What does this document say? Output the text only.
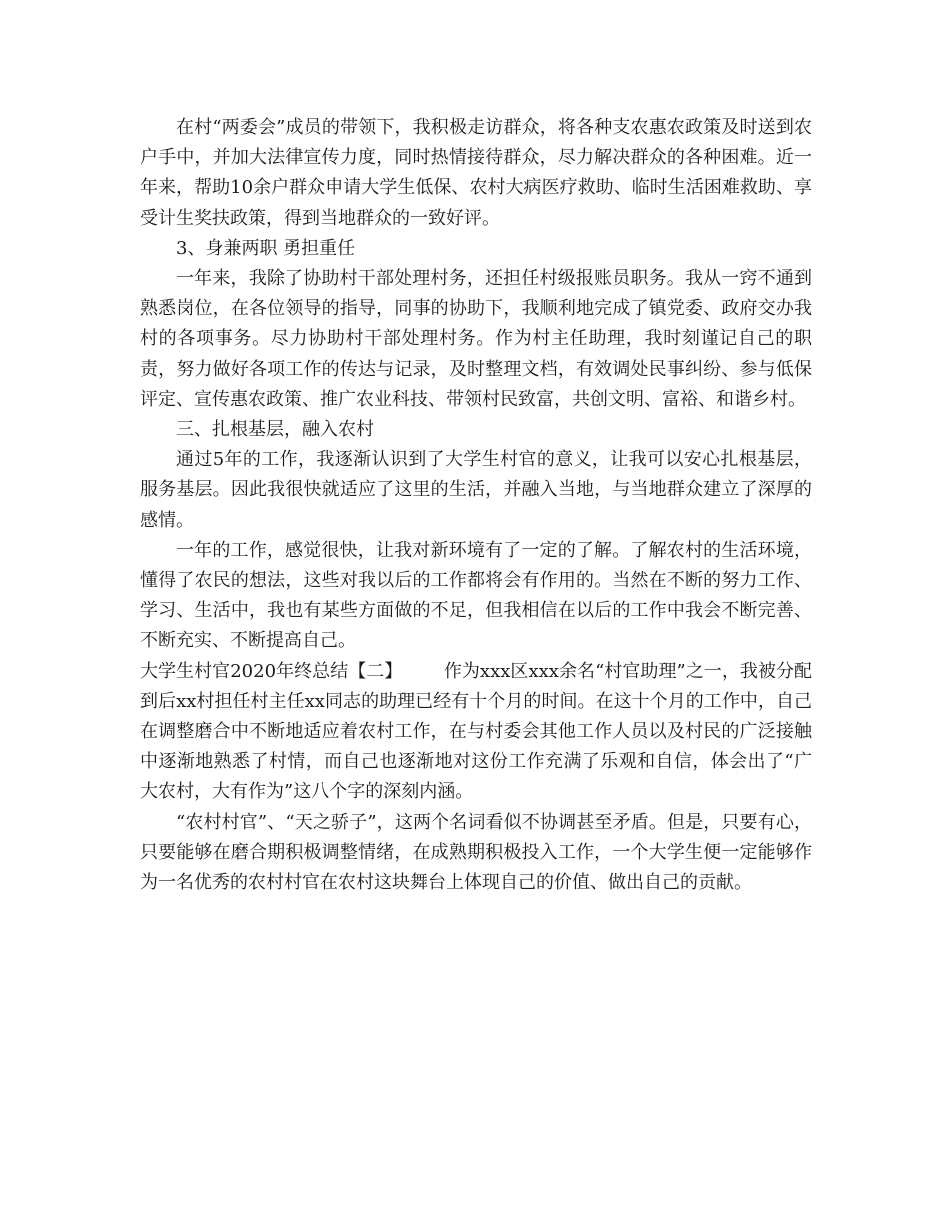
在村“两委会”成员的带领下，我积极走访群众，将各种支农惠农政策及时送到农户手中，并加大法律宣传力度，同时热情接待群众，尽力解决群众的各种困难。近一年来，帮助10余户群众申请大学生低保、农村大病医疗救助、临时生活困难救助、享受计生奖扶政策，得到当地群众的一致好评。

3、身兼两职 勇担重任

一年来，我除了协助村干部处理村务，还担任村级报账员职务。我从一窍不通到熟悉岗位，在各位领导的指导，同事的协助下，我顺利地完成了镇党委、政府交办我村的各项事务。尽力协助村干部处理村务。作为村主任助理，我时刻谨记自己的职责，努力做好各项工作的传达与记录，及时整理文档，有效调处民事纠纷、参与低保评定、宣传惠农政策、推广农业科技、带领村民致富，共创文明、富裕、和谐乡村。

三、扎根基层，融入农村

通过5年的工作，我逐渐认识到了大学生村官的意义，让我可以安心扎根基层，服务基层。因此我很快就适应了这里的生活，并融入当地，与当地群众建立了深厚的感情。

一年的工作，感觉很快，让我对新环境有了一定的了解。了解农村的生活环境，懂得了农民的想法，这些对我以后的工作都将会有作用的。当然在不断的努力工作、学习、生活中，我也有某些方面做的不足，但我相信在以后的工作中我会不断完善、不断充实、不断提高自己。

大学生村官2020年终总结【二】 作为xxx区xxx余名“村官助理”之一，我被分配到后xx村担任村主任xx同志的助理已经有十个月的时间。在这十个月的工作中，自己在调整磨合中不断地适应着农村工作，在与村委会其他工作人员以及村民的广泛接触中逐渐地熟悉了村情，而自己也逐渐地对这份工作充满了乐观和自信，体会出了“广大农村，大有作为”这八个字的深刻内涵。

“农村村官”、“天之骄子”，这两个名词看似不协调甚至矛盾。但是，只要有心，只要能够在磨合期积极调整情绪，在成熟期积极投入工作，一个大学生便一定能够作为一名优秀的农村村官在农村这块舞台上体现自己的价值、做出自己的贡献。
